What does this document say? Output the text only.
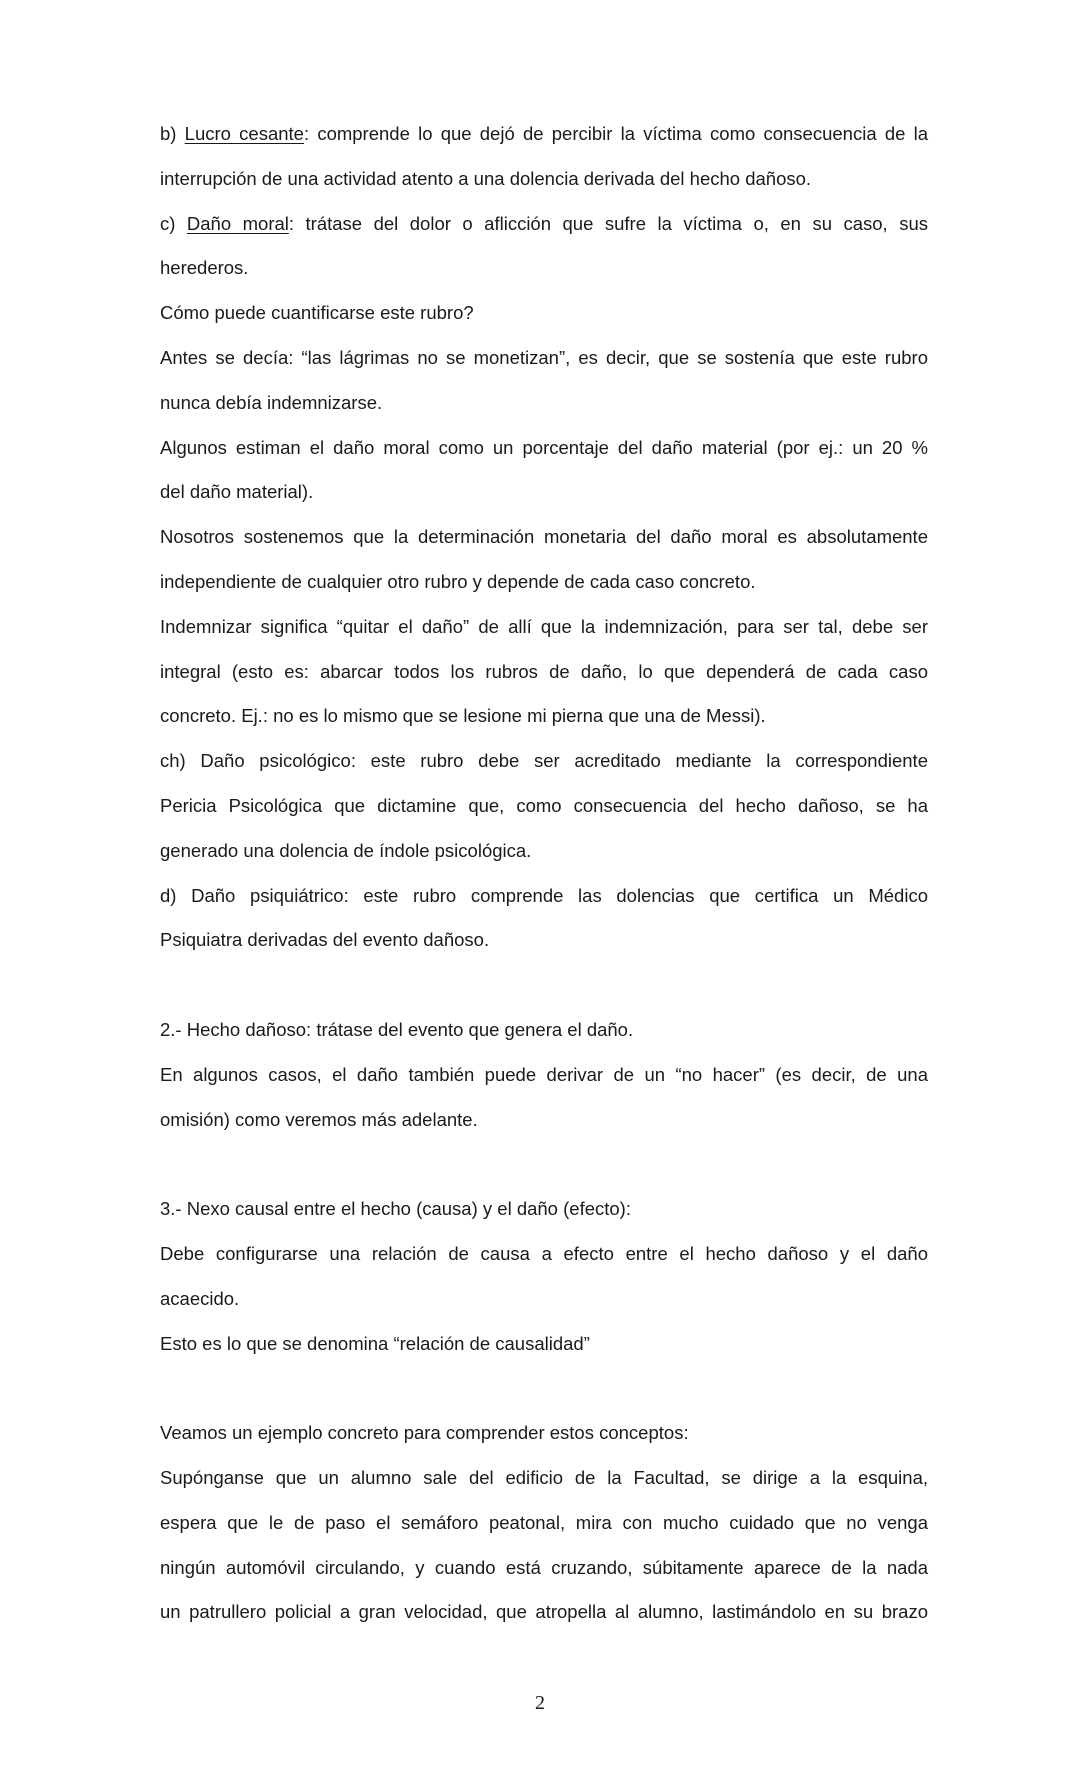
b) Lucro cesante: comprende lo que dejó de percibir la víctima como consecuencia de la
interrupción de una actividad atento a una dolencia derivada del hecho dañoso.
c) Daño moral: trátase del dolor o aflicción que sufre la víctima o, en su caso, sus
herederos.
Cómo puede cuantificarse este rubro?
Antes se decía: “las lágrimas no se monetizan”, es decir, que se sostenía que este rubro
nunca debía indemnizarse.
Algunos estiman el daño moral como un porcentaje del daño material (por ej.: un 20 %
del daño material).
Nosotros sostenemos que la determinación monetaria del daño moral es absolutamente
independiente de cualquier otro rubro y depende de cada caso concreto.
Indemnizar significa “quitar el daño” de allí que la indemnización, para ser tal, debe ser
integral (esto es: abarcar todos los rubros de daño, lo que dependerá de cada caso
concreto. Ej.: no es lo mismo que se lesione mi pierna que una de Messi).
ch) Daño psicológico: este rubro debe ser acreditado mediante la correspondiente
Pericia Psicológica que dictamine que, como consecuencia del hecho dañoso, se ha
generado una dolencia de índole psicológica.
d) Daño psiquiátrico: este rubro comprende las dolencias que certifica un Médico
Psiquiatra derivadas del evento dañoso.
2.- Hecho dañoso: trátase del evento que genera el daño.
En algunos casos, el daño también puede derivar de un “no hacer” (es decir, de una
omisión) como veremos más adelante.
3.- Nexo causal entre el hecho (causa) y el daño (efecto):
Debe configurarse una relación de causa a efecto entre el hecho dañoso y el daño
acaecido.
Esto es lo que se denomina “relación de causalidad”
Veamos un ejemplo concreto para comprender estos conceptos:
Supónganse que un alumno sale del edificio de la Facultad, se dirige a la esquina,
espera que le de paso el semáforo peatonal, mira con mucho cuidado que no venga
ningún automóvil circulando, y cuando está cruzando, súbitamente aparece de la nada
un patrullero policial a gran velocidad, que atropella al alumno, lastimándolo en su brazo
2
